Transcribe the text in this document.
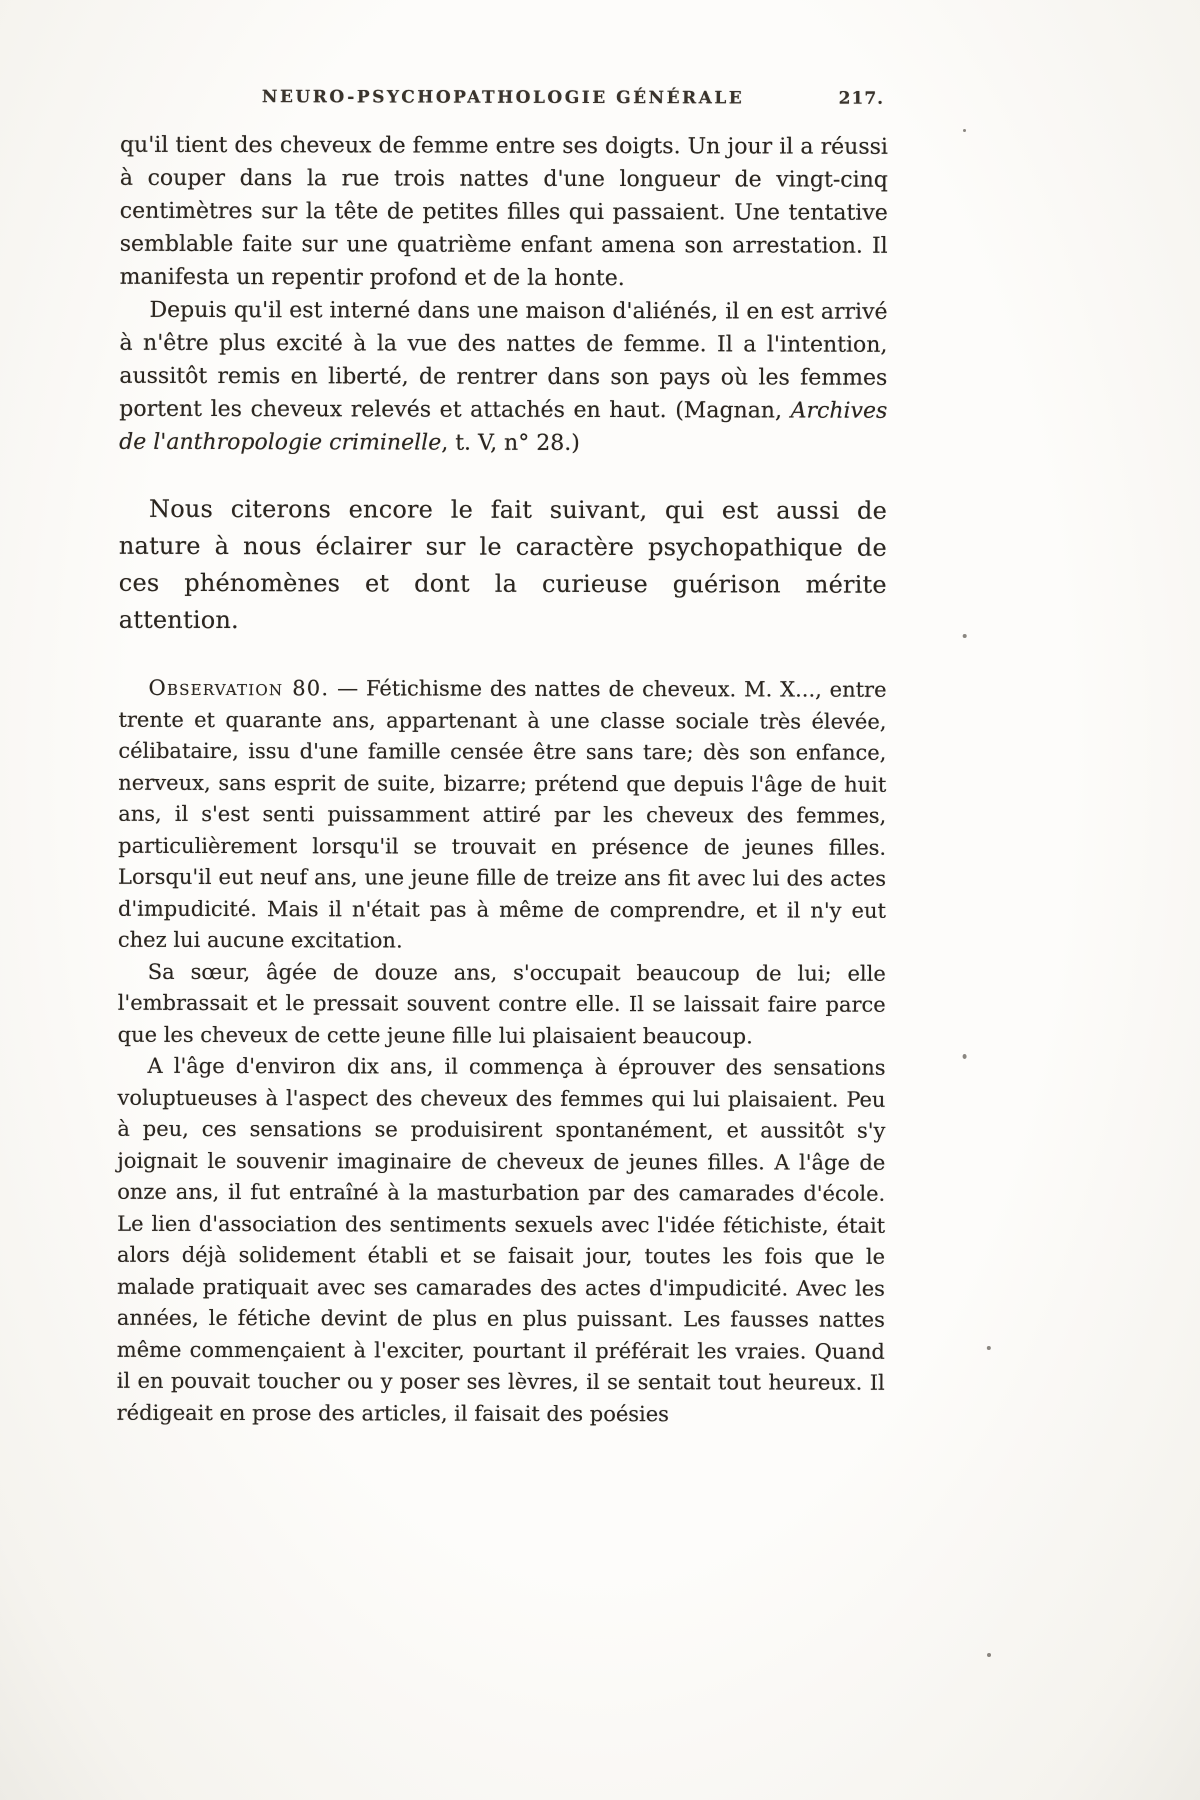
NEURO-PSYCHOPATHOLOGIE GÉNÉRALE	217.

qu'il tient des cheveux de femme entre ses doigts. Un jour il a réussi à couper dans la rue trois nattes d'une longueur de vingt-cinq centimètres sur la tête de petites filles qui passaient. Une tentative semblable faite sur une quatrième enfant amena son arrestation. Il manifesta un repentir profond et de la honte.

Depuis qu'il est interné dans une maison d'aliénés, il en est arrivé à n'être plus excité à la vue des nattes de femme. Il a l'intention, aussitôt remis en liberté, de rentrer dans son pays où les femmes portent les cheveux relevés et attachés en haut. (Magnan, Archives de l'anthropologie criminelle, t. V, n° 28.)

Nous citerons encore le fait suivant, qui est aussi de nature à nous éclairer sur le caractère psychopathique de ces phénomènes et dont la curieuse guérison mérite attention.

Observation 80. — Fétichisme des nattes de cheveux. M. X..., entre trente et quarante ans, appartenant à une classe sociale très élevée, célibataire, issu d'une famille censée être sans tare; dès son enfance, nerveux, sans esprit de suite, bizarre; prétend que depuis l'âge de huit ans, il s'est senti puissamment attiré par les cheveux des femmes, particulièrement lorsqu'il se trouvait en présence de jeunes filles. Lorsqu'il eut neuf ans, une jeune fille de treize ans fit avec lui des actes d'impudicité. Mais il n'était pas à même de comprendre, et il n'y eut chez lui aucune excitation.

Sa sœur, âgée de douze ans, s'occupait beaucoup de lui; elle l'embrassait et le pressait souvent contre elle. Il se laissait faire parce que les cheveux de cette jeune fille lui plaisaient beaucoup.

A l'âge d'environ dix ans, il commença à éprouver des sensations voluptueuses à l'aspect des cheveux des femmes qui lui plaisaient. Peu à peu, ces sensations se produisirent spontanément, et aussitôt s'y joignait le souvenir imaginaire de cheveux de jeunes filles. A l'âge de onze ans, il fut entraîné à la masturbation par des camarades d'école. Le lien d'association des sentiments sexuels avec l'idée fétichiste, était alors déjà solidement établi et se faisait jour, toutes les fois que le malade pratiquait avec ses camarades des actes d'impudicité. Avec les années, le fétiche devint de plus en plus puissant. Les fausses nattes même commençaient à l'exciter, pourtant il préférait les vraies. Quand il en pouvait toucher ou y poser ses lèvres, il se sentait tout heureux. Il rédigeait en prose des articles, il faisait des poésies
